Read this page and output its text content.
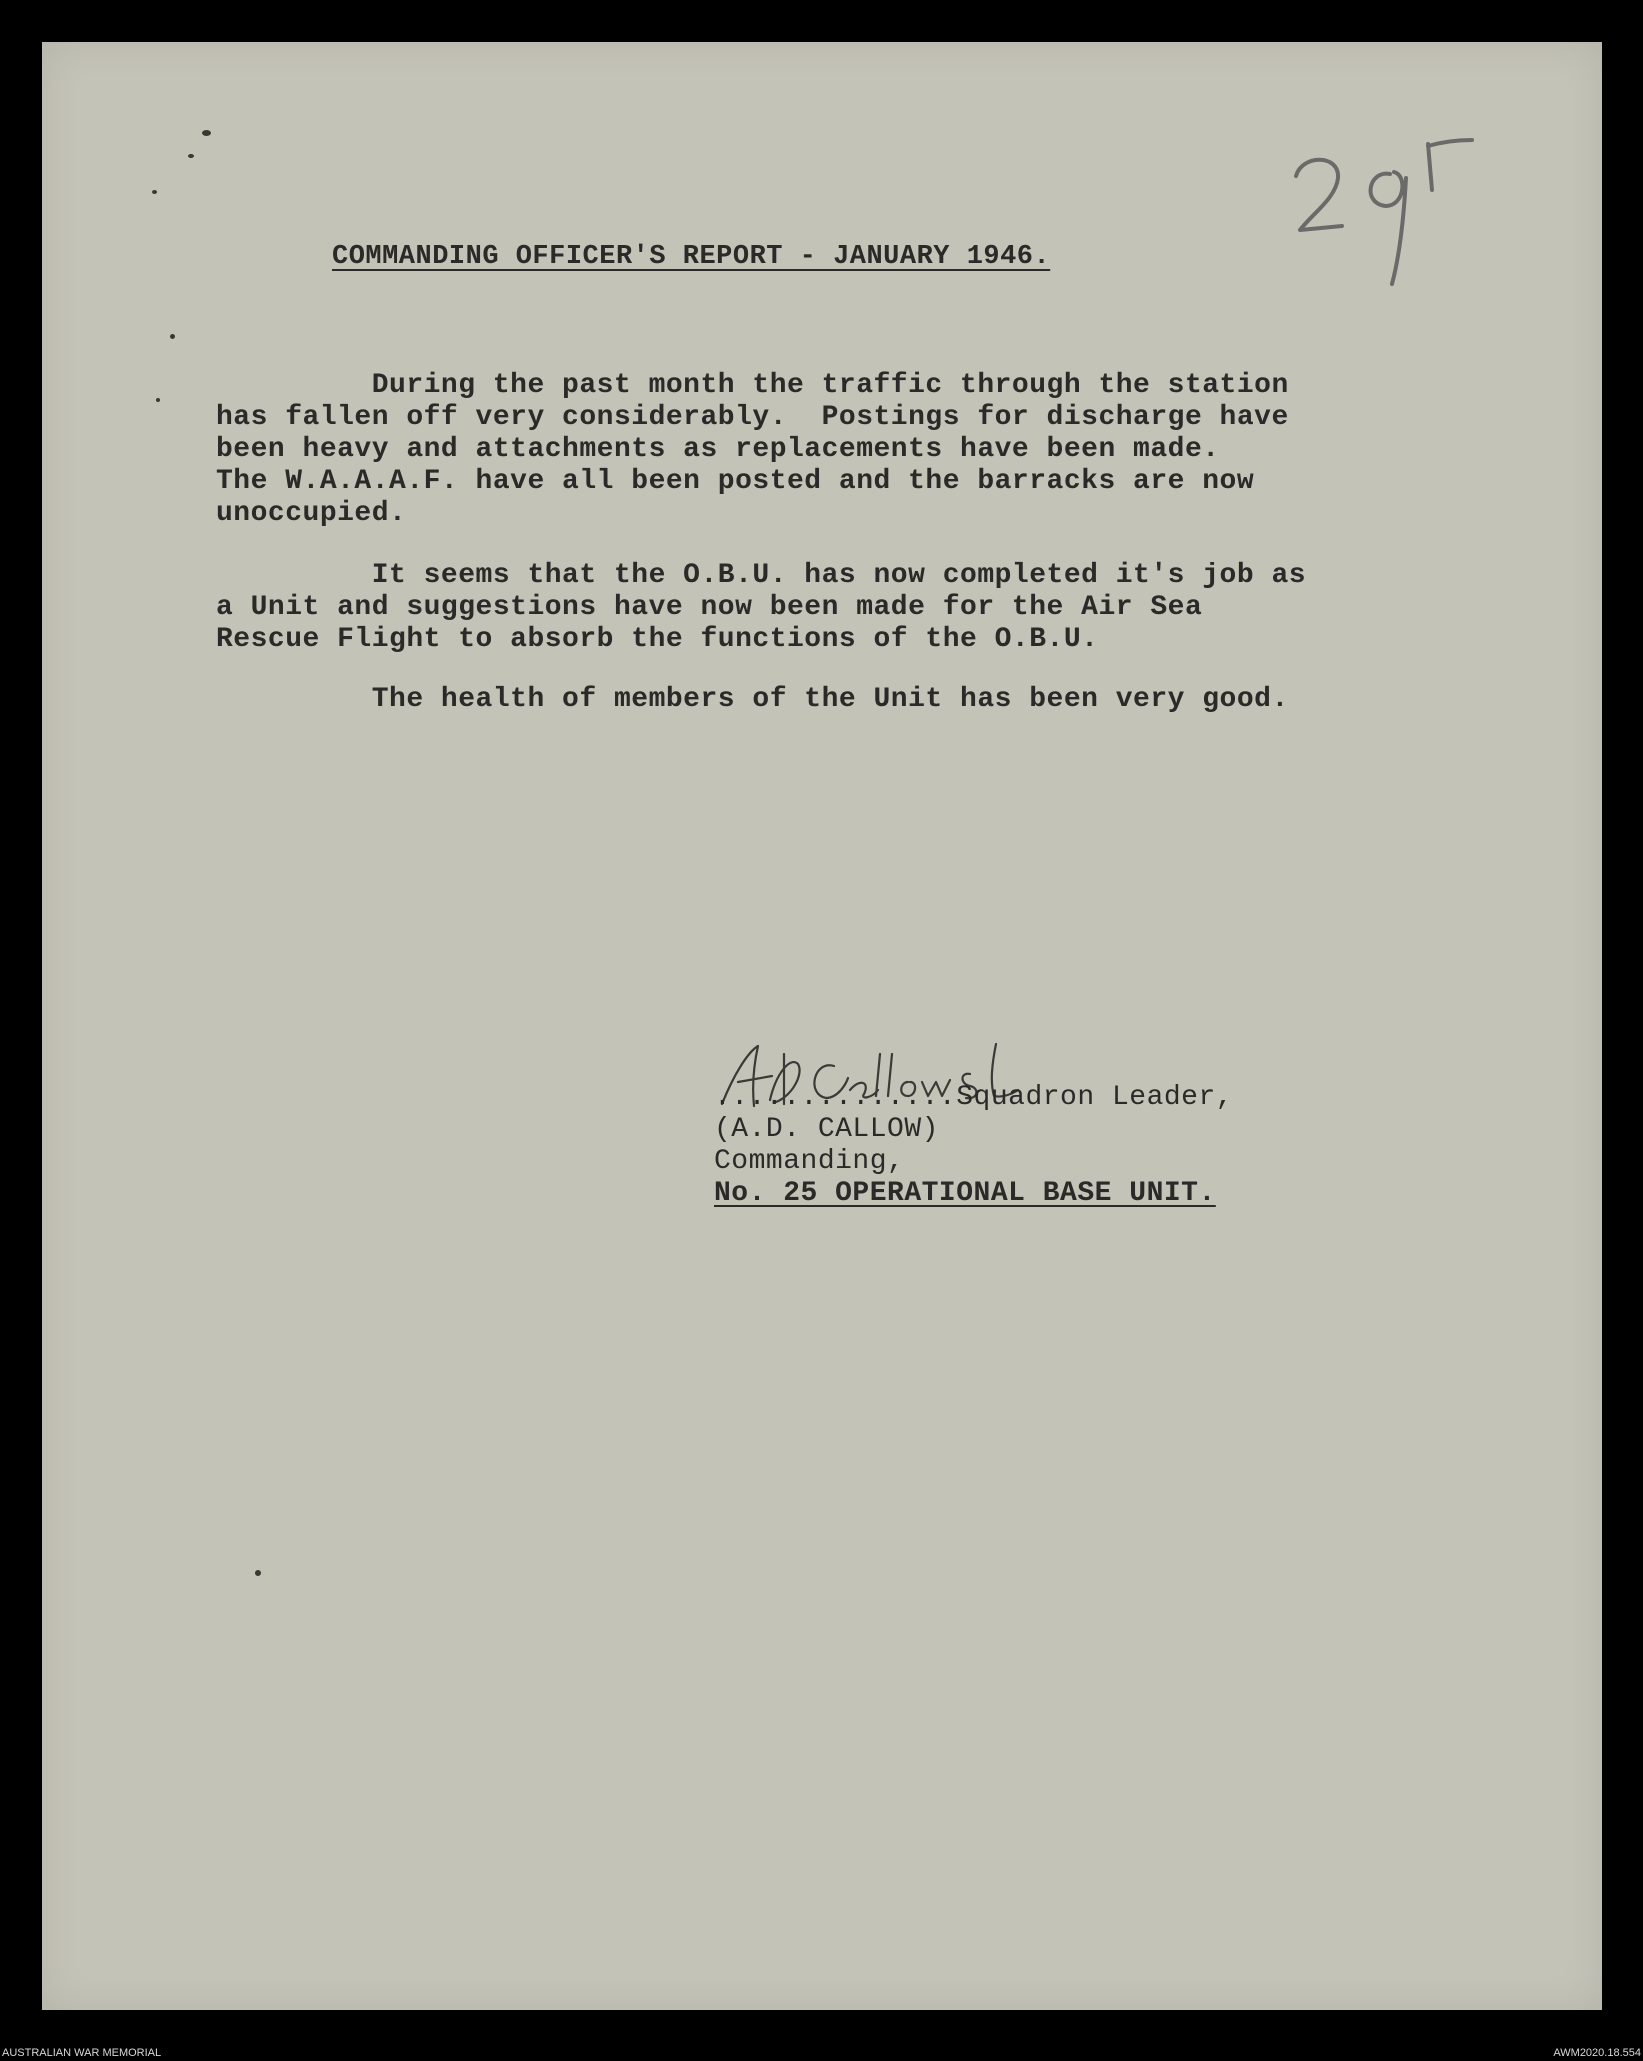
COMMANDING OFFICER'S REPORT - JANUARY 1946.
During the past month the traffic through the station
has fallen off very considerably.  Postings for discharge have
been heavy and attachments as replacements have been made.
The W.A.A.A.F. have all been posted and the barracks are now
unoccupied.
It seems that the O.B.U. has now completed it's job as
a Unit and suggestions have now been made for the Air Sea
Rescue Flight to absorb the functions of the O.B.U.
The health of members of the Unit has been very good.
..............Squadron Leader,
(A.D. CALLOW)
Commanding,
No. 25 OPERATIONAL BASE UNIT.
AUSTRALIAN WAR MEMORIAL	AWM2020.18.554
